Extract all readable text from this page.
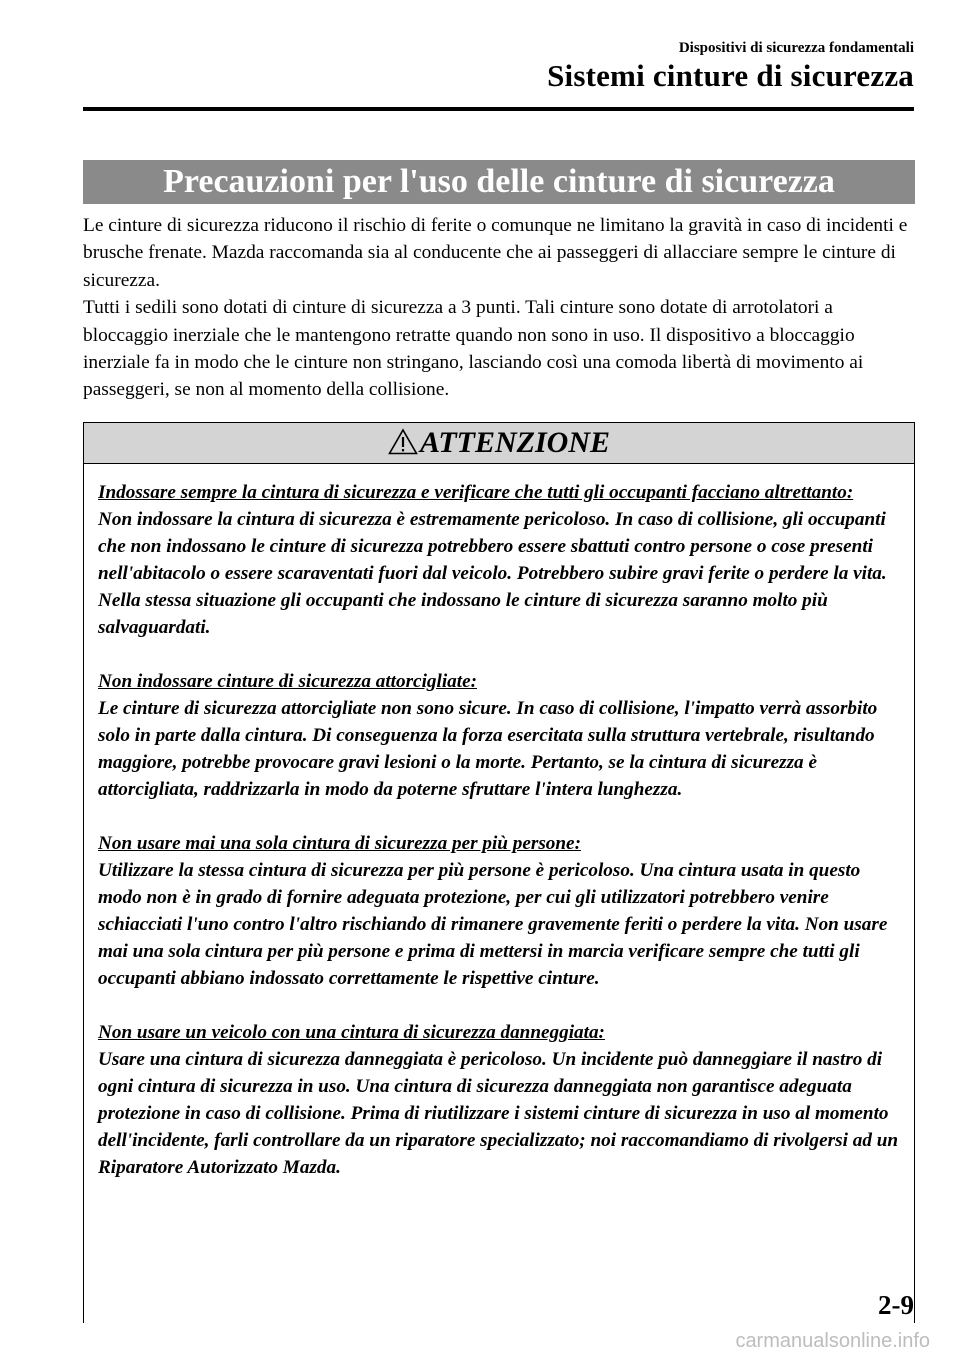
Dispositivi di sicurezza fondamentali
Sistemi cinture di sicurezza
Precauzioni per l'uso delle cinture di sicurezza

Le cinture di sicurezza riducono il rischio di ferite o comunque ne limitano la gravità in caso di incidenti e brusche frenate. Mazda raccomanda sia al conducente che ai passeggeri di allacciare sempre le cinture di sicurezza.

Tutti i sedili sono dotati di cinture di sicurezza a 3 punti. Tali cinture sono dotate di arrotolatori a bloccaggio inerziale che le mantengono retratte quando non sono in uso. Il dispositivo a bloccaggio inerziale fa in modo che le cinture non stringano, lasciando così una comoda libertà di movimento ai passeggeri, se non al momento della collisione.

ATTENZIONE
Indossare sempre la cintura di sicurezza e verificare che tutti gli occupanti facciano altrettanto:
Non indossare la cintura di sicurezza è estremamente pericoloso. In caso di collisione, gli occupanti che non indossano le cinture di sicurezza potrebbero essere sbattuti contro persone o cose presenti nell'abitacolo o essere scaraventati fuori dal veicolo. Potrebbero subire gravi ferite o perdere la vita. Nella stessa situazione gli occupanti che indossano le cinture di sicurezza saranno molto più salvaguardati.
Non indossare cinture di sicurezza attorcigliate:
Le cinture di sicurezza attorcigliate non sono sicure. In caso di collisione, l'impatto verrà assorbito solo in parte dalla cintura. Di conseguenza la forza esercitata sulla struttura vertebrale, risultando maggiore, potrebbe provocare gravi lesioni o la morte. Pertanto, se la cintura di sicurezza è attorcigliata, raddrizzarla in modo da poterne sfruttare l'intera lunghezza.
Non usare mai una sola cintura di sicurezza per più persone:
Utilizzare la stessa cintura di sicurezza per più persone è pericoloso. Una cintura usata in questo modo non è in grado di fornire adeguata protezione, per cui gli utilizzatori potrebbero venire schiacciati l'uno contro l'altro rischiando di rimanere gravemente feriti o perdere la vita. Non usare mai una sola cintura per più persone e prima di mettersi in marcia verificare sempre che tutti gli occupanti abbiano indossato correttamente le rispettive cinture.
Non usare un veicolo con una cintura di sicurezza danneggiata:
Usare una cintura di sicurezza danneggiata è pericoloso. Un incidente può danneggiare il nastro di ogni cintura di sicurezza in uso. Una cintura di sicurezza danneggiata non garantisce adeguata protezione in caso di collisione. Prima di riutilizzare i sistemi cinture di sicurezza in uso al momento dell'incidente, farli controllare da un riparatore specializzato; noi raccomandiamo di rivolgersi ad un Riparatore Autorizzato Mazda.
2-9
carmanualsonline.info
